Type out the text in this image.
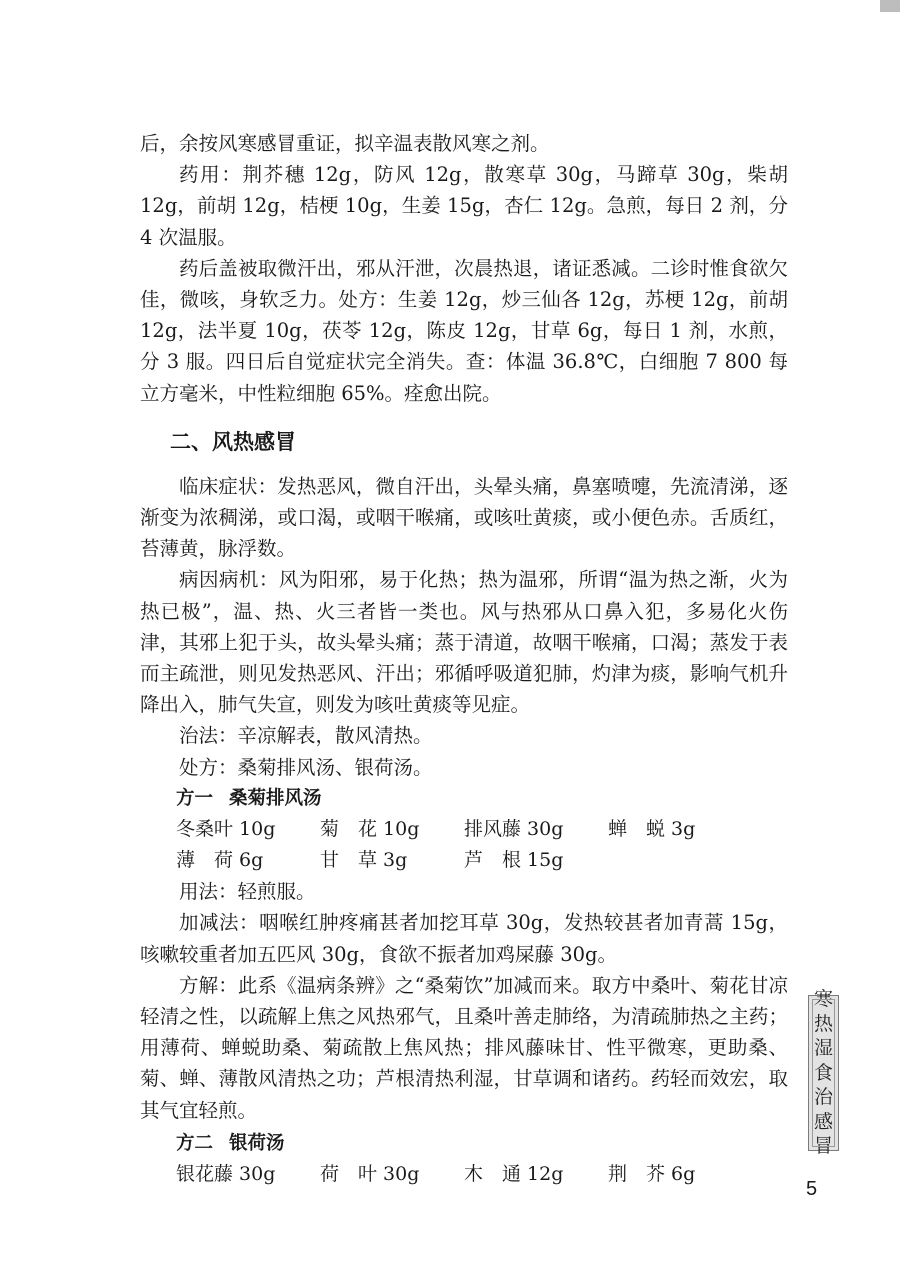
后，余按风寒感冒重证，拟辛温表散风寒之剂。

药用：荆芥穗 12g，防风 12g，散寒草 30g，马蹄草 30g，柴胡 12g，前胡 12g，桔梗 10g，生姜 15g，杏仁 12g。急煎，每日 2 剂，分 4 次温服。

药后盖被取微汗出，邪从汗泄，次晨热退，诸证悉减。二诊时惟食欲欠佳，微咳，身软乏力。处方：生姜 12g，炒三仙各 12g，苏梗 12g，前胡 12g，法半夏 10g，茯苓 12g，陈皮 12g，甘草 6g，每日 1 剂，水煎，分 3 服。四日后自觉症状完全消失。查：体温 36.8℃，白细胞 7 800 每立方毫米，中性粒细胞 65%。痊愈出院。

二、风热感冒

临床症状：发热恶风，微自汗出，头晕头痛，鼻塞喷嚏，先流清涕，逐渐变为浓稠涕，或口渴，或咽干喉痛，或咳吐黄痰，或小便色赤。舌质红，苔薄黄，脉浮数。

病因病机：风为阳邪，易于化热；热为温邪，所谓“温为热之渐，火为热已极”，温、热、火三者皆一类也。风与热邪从口鼻入犯，多易化火伤津，其邪上犯于头，故头晕头痛；蒸于清道，故咽干喉痛，口渴；蒸发于表而主疏泄，则见发热恶风、汗出；邪循呼吸道犯肺，灼津为痰，影响气机升降出入，肺气失宣，则发为咳吐黄痰等见症。

治法：辛凉解表，散风清热。

处方：桑菊排风汤、银荷汤。

方一 桑菊排风汤
冬桑叶 10g	菊　花 10g	排风藤 30g	蝉　蜕 3g
薄　荷 6g	甘　草 3g	芦　根 15g

用法：轻煎服。

加减法：咽喉红肿疼痛甚者加挖耳草 30g，发热较甚者加青蒿 15g，咳嗽较重者加五匹风 30g，食欲不振者加鸡屎藤 30g。

方解：此系《温病条辨》之“桑菊饮”加减而来。取方中桑叶、菊花甘凉轻清之性，以疏解上焦之风热邪气，且桑叶善走肺络，为清疏肺热之主药；用薄荷、蝉蜕助桑、菊疏散上焦风热；排风藤味甘、性平微寒，更助桑、菊、蝉、薄散风清热之功；芦根清热利湿，甘草调和诸药。药轻而效宏，取其气宜轻煎。

方二 银荷汤
银花藤 30g	荷　叶 30g	木　通 12g	荆　芥 6g
寒
热
湿
食
治
感
冒
5
